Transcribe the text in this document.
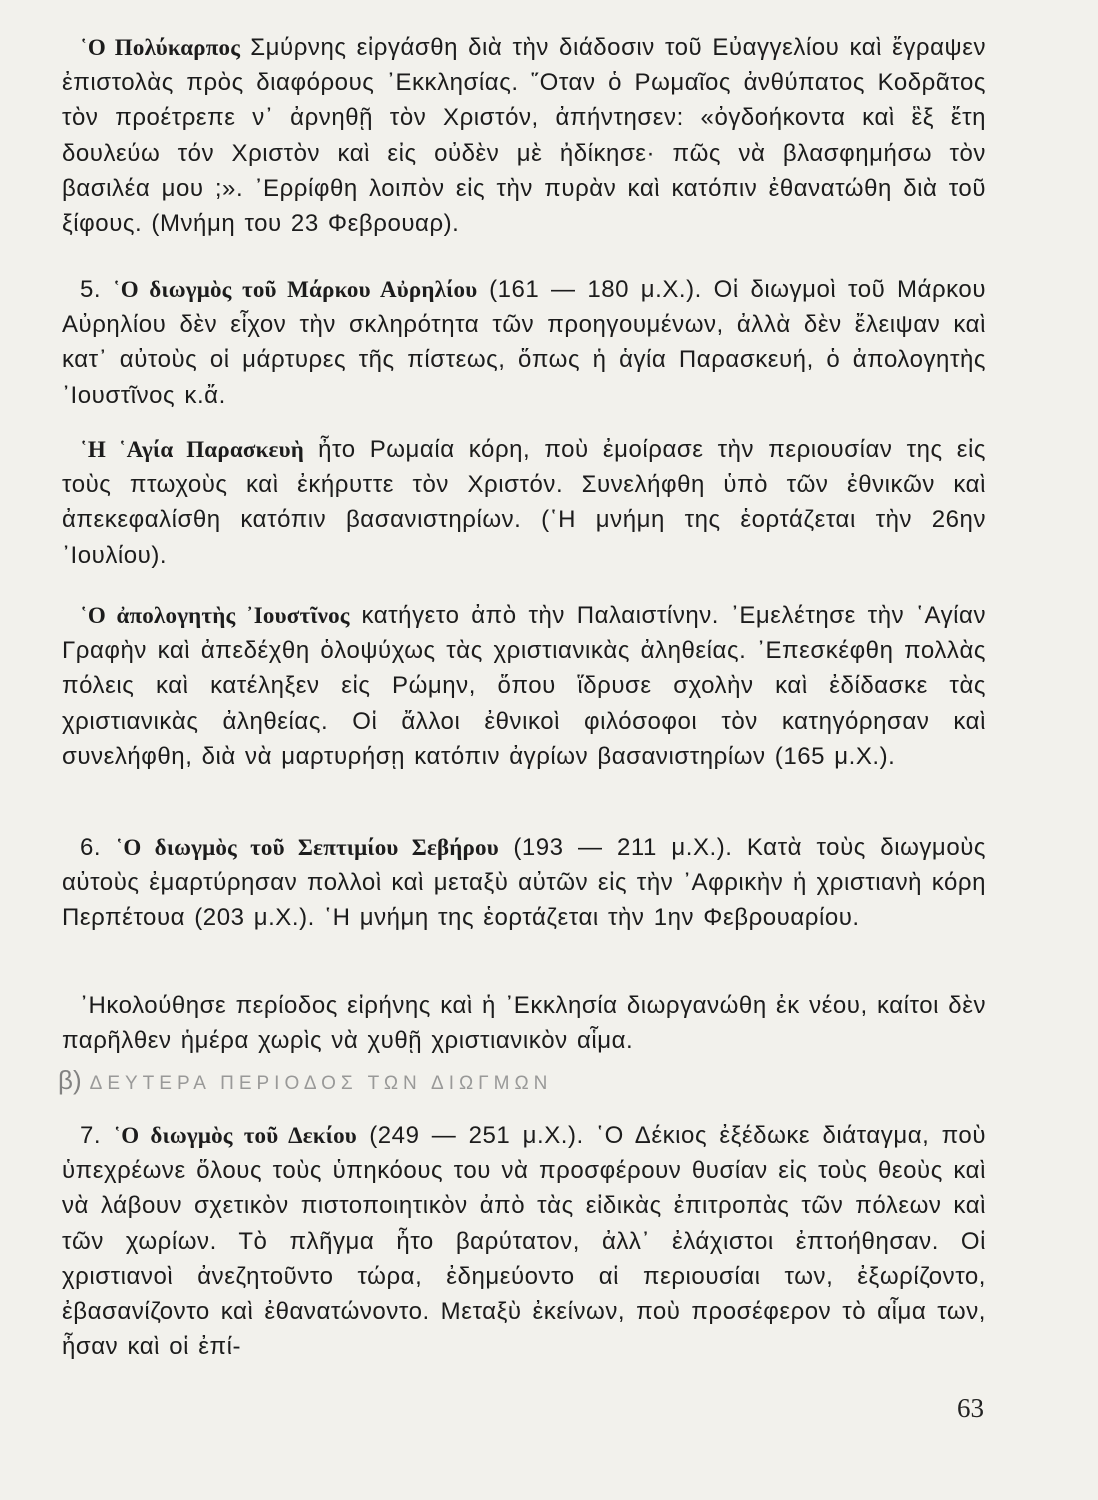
῾Ο Πολύκαρπος Σμύρνης εἰργάσθη διὰ τὴν διάδοσιν τοῦ Εὐαγγελίου καὶ ἔγραψεν ἐπιστολὰς πρὸς διαφόρους ᾿Εκκλησίας. ῞Οταν ὁ Ρωμαῖος ἀνθύπατος Κοδρᾶτος τὸν προέτρεπε ν᾿ ἀρνηθῇ τὸν Χριστόν, ἀπήντησεν: «ὀγδοήκοντα καὶ ἓξ ἔτη δουλεύω τόν Χριστὸν καὶ εἰς οὐδὲν μὲ ἠδίκησε· πῶς νὰ βλασφημήσω τὸν βασιλέα μου ;». ᾿Ερρίφθη λοιπὸν εἰς τὴν πυρὰν καὶ κατόπιν ἐθανατώθη διὰ τοῦ ξίφους. (Μνήμη του 23 Φεβρουαρ).

5. ῾Ο διωγμὸς τοῦ Μάρκου Αὐρηλίου (161 — 180 μ.Χ.). Οἱ διωγμοὶ τοῦ Μάρκου Αὐρηλίου δὲν εἶχον τὴν σκληρότητα τῶν προηγουμένων, ἀλλὰ δὲν ἔλειψαν καὶ κατ᾿ αὐτοὺς οἱ μάρτυρες τῆς πίστεως, ὅπως ἡ ἁγία Παρασκευή, ὁ ἀπολογητὴς ᾿Ιουστῖνος κ.ἄ.

῾Η ῾Αγία Παρασκευὴ ἦτο Ρωμαία κόρη, ποὺ ἐμοίρασε τὴν περιουσίαν της εἰς τοὺς πτωχοὺς καὶ ἐκήρυττε τὸν Χριστόν. Συνελήφθη ὑπὸ τῶν ἐθνικῶν καὶ ἀπεκεφαλίσθη κατόπιν βασανιστηρίων. (῾Η μνήμη της ἑορτάζεται τὴν 26ην ᾿Ιουλίου).

῾Ο ἀπολογητὴς ᾿Ιουστῖνος κατήγετο ἀπὸ τὴν Παλαιστίνην. ᾿Εμελέτησε τὴν ῾Αγίαν Γραφὴν καὶ ἀπεδέχθη ὁλοψύχως τὰς χριστιανικὰς ἀληθείας. ᾿Επεσκέφθη πολλὰς πόλεις καὶ κατέληξεν εἰς Ρώμην, ὅπου ἵδρυσε σχολὴν καὶ ἐδίδασκε τὰς χριστιανικὰς ἀληθείας. Οἱ ἄλλοι ἐθνικοὶ φιλόσοφοι τὸν κατηγόρησαν καὶ συνελήφθη, διὰ νὰ μαρτυρήσῃ κατόπιν ἀγρίων βασανιστηρίων (165 μ.Χ.).

6. ῾Ο διωγμὸς τοῦ Σεπτιμίου Σεβήρου (193 — 211 μ.Χ.). Κατὰ τοὺς διωγμοὺς αὐτοὺς ἐμαρτύρησαν πολλοὶ καὶ μεταξὺ αὐτῶν εἰς τὴν ᾿Αφρικὴν ἡ χριστιανὴ κόρη Περπέτουα (203 μ.Χ.). ῾Η μνήμη της ἑορτάζεται τὴν 1ην Φεβρουαρίου.

᾿Ηκολούθησε περίοδος εἰρήνης καὶ ἡ ᾿Εκκλησία διωργανώθη ἐκ νέου, καίτοι δὲν παρῆλθεν ἡμέρα χωρὶς νὰ χυθῇ χριστιανικὸν αἷμα.

β) ΔΕΥΤΕΡΑ ΠΕΡΙΟΔΟΣ ΤΩΝ ΔΙΩΓΜΩΝ

7. ῾Ο διωγμὸς τοῦ Δεκίου (249 — 251 μ.Χ.). ῾Ο Δέκιος ἐξέδωκε διάταγμα, ποὺ ὑπεχρέωνε ὅλους τοὺς ὑπηκόους του νὰ προσφέρουν θυσίαν εἰς τοὺς θεοὺς καὶ νὰ λάβουν σχετικὸν πιστοποιητικὸν ἀπὸ τὰς εἰδικὰς ἐπιτροπὰς τῶν πόλεων καὶ τῶν χωρίων. Τὸ πλῆγμα ἦτο βαρύτατον, ἀλλ᾿ ἐλάχιστοι ἐπτοήθησαν. Οἱ χριστιανοὶ ἀνεζητοῦντο τώρα, ἐδημεύοντο αἱ περιουσίαι των, ἐξωρίζοντο, ἐβασανίζοντο καὶ ἐθανατώνοντο. Μεταξὺ ἐκείνων, ποὺ προσέφερον τὸ αἷμα των, ἦσαν καὶ οἱ ἐπί-

63
